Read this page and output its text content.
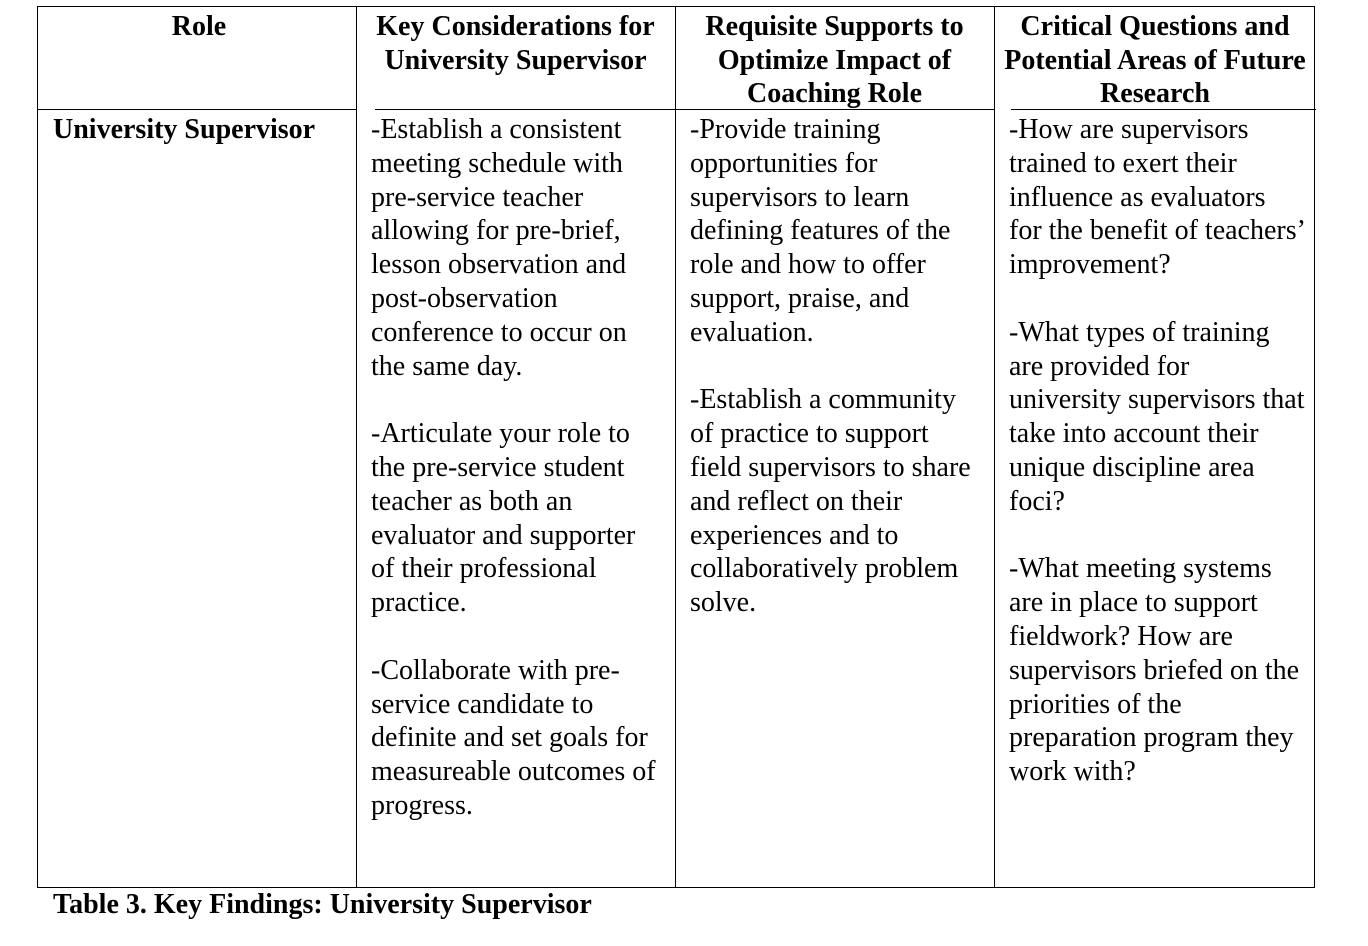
Role	Key Considerations for University Supervisor
Requisite Supports to Optimize Impact of Coaching Role
Critical Questions and Potential Areas of Future Research
University Supervisor	-Establish a consistent meeting schedule with pre-service teacher allowing for pre-brief, lesson observation and post-observation conference to occur on the same day.

-Articulate your role to the pre-service student teacher as both an evaluator and supporter of their professional practice.

-Collaborate with pre-service candidate to definite and set goals for measureable outcomes of progress.

-Provide training opportunities for supervisors to learn defining features of the role and how to offer support, praise, and evaluation.

-Establish a community of practice to support field supervisors to share and reflect on their experiences and to collaboratively problem solve.

-How are supervisors trained to exert their influence as evaluators for the benefit of teachers’ improvement?

-What types of training are provided for university supervisors that take into account their unique discipline area foci?

-What meeting systems are in place to support fieldwork? How are supervisors briefed on the priorities of the preparation program they work with?

Table 3. Key Findings: University Supervisor
